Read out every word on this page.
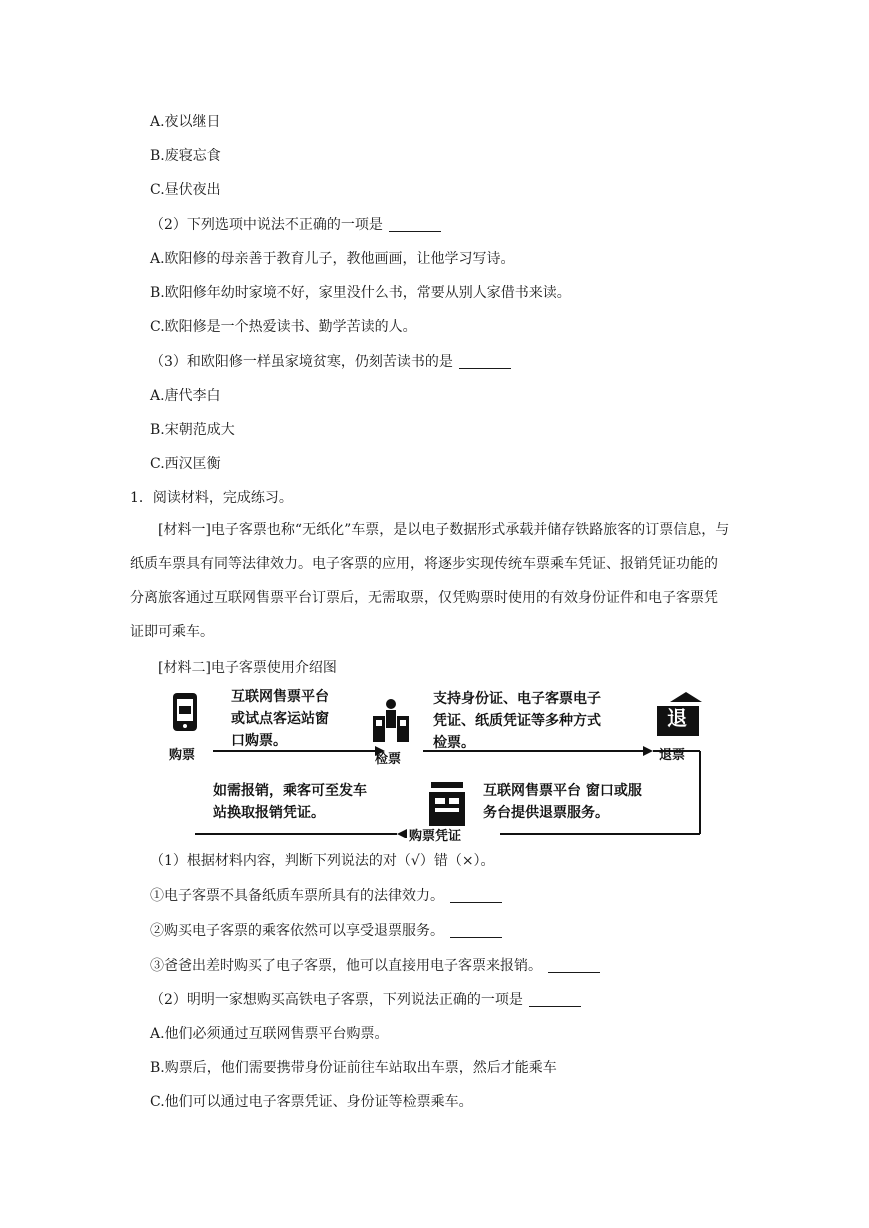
A.夜以继日
B.废寝忘食
C.昼伏夜出
（2）下列选项中说法不正确的一项是
A.欧阳修的母亲善于教育儿子，教他画画，让他学习写诗。
B.欧阳修年幼时家境不好，家里没什么书，常要从别人家借书来读。
C.欧阳修是一个热爱读书、勤学苦读的人。
（3）和欧阳修一样虽家境贫寒，仍刻苦读书的是
A.唐代李白
B.宋朝范成大
C.西汉匡衡
1．阅读材料，完成练习。
[材料一]电子客票也称“无纸化”车票，是以电子数据形式承载并储存铁路旅客的订票信息，与纸质车票具有同等法律效力。电子客票的应用，将逐步实现传统车票乘车凭证、报销凭证功能的分离旅客通过互联网售票平台订票后，无需取票，仅凭购票时使用的有效身份证件和电子客票凭证即可乘车。
[材料二]电子客票使用介绍图
退
互联网售票平台
或试点客运站窗
口购票。
支持身份证、电子客票电子
凭证、纸质凭证等多种方式
检票。
购票	检票	退票
如需报销，乘客可至发车
站换取报销凭证。
互联网售票平台 窗口或服
务台提供退票服务。
购票凭证
（1）根据材料内容，判断下列说法的对（√）错（×）。
①电子客票不具备纸质车票所具有的法律效力。
②购买电子客票的乘客依然可以享受退票服务。
③爸爸出差时购买了电子客票，他可以直接用电子客票来报销。
（2）明明一家想购买高铁电子客票，下列说法正确的一项是
A.他们必须通过互联网售票平台购票。
B.购票后，他们需要携带身份证前往车站取出车票，然后才能乘车
C.他们可以通过电子客票凭证、身份证等检票乘车。
